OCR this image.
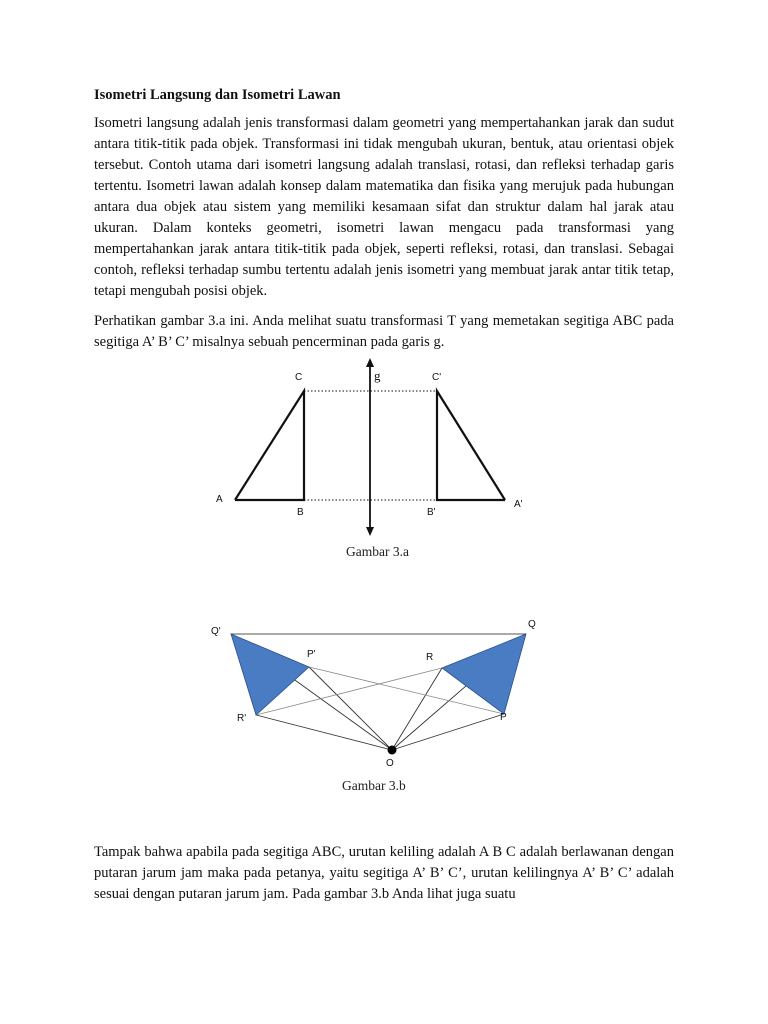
Isometri Langsung dan Isometri Lawan

Isometri langsung adalah jenis transformasi dalam geometri yang mempertahankan jarak dan sudut antara titik-titik pada objek. Transformasi ini tidak mengubah ukuran, bentuk, atau orientasi objek tersebut. Contoh utama dari isometri langsung adalah translasi, rotasi, dan refleksi terhadap garis tertentu. Isometri lawan adalah konsep dalam matematika dan fisika yang merujuk pada hubungan antara dua objek atau sistem yang memiliki kesamaan sifat dan struktur dalam hal jarak atau ukuran. Dalam konteks geometri, isometri lawan mengacu pada transformasi yang mempertahankan jarak antara titik-titik pada objek, seperti refleksi, rotasi, dan translasi. Sebagai contoh, refleksi terhadap sumbu tertentu adalah jenis isometri yang membuat jarak antar titik tetap, tetapi mengubah posisi objek.

Perhatikan gambar 3.a ini. Anda melihat suatu transformasi T yang memetakan segitiga ABC pada segitiga A’ B’ C’ misalnya sebuah pencerminan pada garis g.

C	g	C'
A
B	B'
A'
Gambar 3.a
Q'
P'
R'
Q
R
P
O
Gambar 3.b

Tampak bahwa apabila pada segitiga ABC, urutan keliling adalah A B C adalah berlawanan dengan putaran jarum jam maka pada petanya, yaitu segitiga A’ B’ C’, urutan kelilingnya A’ B’ C’ adalah sesuai dengan putaran jarum jam. Pada gambar 3.b Anda lihat juga suatu
